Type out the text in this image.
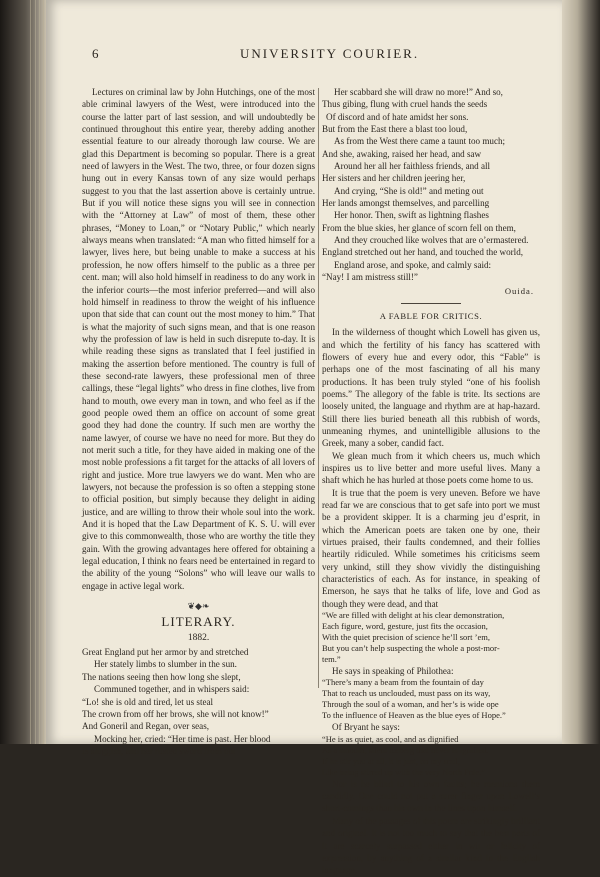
6	UNIVERSITY COURIER.

Lectures on criminal law by John Hutchings, one of the most able criminal lawyers of the West, were introduced into the course the latter part of last session, and will undoubtedly be continued throughout this entire year, thereby adding another essential feature to our already thorough law course. We are glad this Department is becoming so popular. There is a great need of lawyers in the West. The two, three, or four dozen signs hung out in every Kansas town of any size would perhaps suggest to you that the last assertion above is certainly untrue. But if you will notice these signs you will see in connection with the “Attorney at Law” of most of them, these other phrases, “Money to Loan,” or “Notary Public,” which nearly always means when translated: “A man who fitted himself for a lawyer, lives here, but being unable to make a success at his profession, he now offers himself to the public as a three per cent. man; will also hold himself in readiness to do any work in the inferior courts—the most inferior preferred—and will also hold himself in readiness to throw the weight of his influence upon that side that can count out the most money to him.” That is what the majority of such signs mean, and that is one reason why the profession of law is held in such disrepute to-day. It is while reading these signs as translated that I feel justified in making the assertion before mentioned. The country is full of these second-rate lawyers, these professional men of three callings, these “legal lights” who dress in fine clothes, live from hand to mouth, owe every man in town, and who feel as if the good people owed them an office on account of some great good they had done the country. If such men are worthy the name lawyer, of course we have no need for more. But they do not merit such a title, for they have aided in making one of the most noble professions a fit target for the attacks of all lovers of right and justice. More true lawyers we do want. Men who are lawyers, not because the profession is so often a stepping stone to official position, but simply because they delight in aiding justice, and are willing to throw their whole soul into the work. And it is hoped that the Law Department of K. S. U. will ever give to this commonwealth, those who are worthy the title they gain. With the growing advantages here offered for obtaining a legal education, I think no fears need be entertained in regard to the ability of the young “Solons” who will leave our walls to engage in active legal work.

❦◆❧
LITERARY.
1882.
Great England put her armor by and stretched
Her stately limbs to slumber in the sun.
The nations seeing then how long she slept,
Communed together, and in whispers said:
“Lo! she is old and tired, let us steal
The crown from off her brows, she will not know!”
And Goneril and Regan, over seas,
Mocking her, cried: “Her time is past. Her blood
Is sluggish, and her rusted sword from out
Her scabbard she will draw no more!” And so,
Thus gibing, flung with cruel hands the seeds
Of discord and of hate amidst her sons.
But from the East there a blast too loud,
As from the West there came a taunt too much;
And she, awaking, raised her head, and saw
Around her all her faithless friends, and all
Her sisters and her children jeering her,
And crying, “She is old!” and meting out
Her lands amongst themselves, and parcelling
Her honor. Then, swift as lightning flashes
From the blue skies, her glance of scorn fell on them,
And they crouched like wolves that are o’ermastered.
England stretched out her hand, and touched the world,
England arose, and spoke, and calmly said:
“Nay! I am mistress still!”
Ouida.
A FABLE FOR CRITICS.

In the wilderness of thought which Lowell has given us, and which the fertility of his fancy has scattered with flowers of every hue and every odor, this “Fable” is perhaps one of the most fascinating of all his many productions. It has been truly styled “one of his foolish poems.” The allegory of the fable is trite. Its sections are loosely united, the language and rhythm are at hap-hazard. Still there lies buried beneath all this rubbish of words, unmeaning rhymes, and unintelligible allusions to the Greek, many a sober, candid fact.

We glean much from it which cheers us, much which inspires us to live better and more useful lives. Many a shaft which he has hurled at those poets come home to us.

It is true that the poem is very uneven. Before we have read far we are conscious that to get safe into port we must be a provident skipper. It is a charming jeu d’esprit, in which the American poets are taken one by one, their virtues praised, their faults condemned, and their follies heartily ridiculed. While sometimes his criticisms seem very unkind, still they show vividly the distinguishing characteristics of each. As for instance, in speaking of Emerson, he says that he talks of life, love and God as though they were dead, and that

“We are filled with delight at his clear demonstration,
Each figure, word, gesture, just fits the occasion,
With the quiet precision of science he’ll sort ’em,
But you can’t help suspecting the whole a post-mor-
tem.”

He says in speaking of Philothea:

“There’s many a beam from the fountain of day
That to reach us unclouded, must pass on its way,
Through the soul of a woman, and her’s is wide ope
To the influence of Heaven as the blue eyes of Hope.”

Of Bryant he says:

“He is as quiet, as cool, and as dignified
As a smooth, silent iceberg that never is ignified.
If he stir you at all, it is just, on my soul,
Like being stirred up with the very North Pole.”

Nor is he blind to his own faults; he mentions them candidly. One could not put a surer finger upon Lowell’s short-comings than his own in the lines upon himself.

Many of the passages of this poem are strikingly brilliant and original. It is not too much to say that the best parts of it are scarcely surpassed either in wit or felicity of expression, by anything of a similar kind in the English language.
